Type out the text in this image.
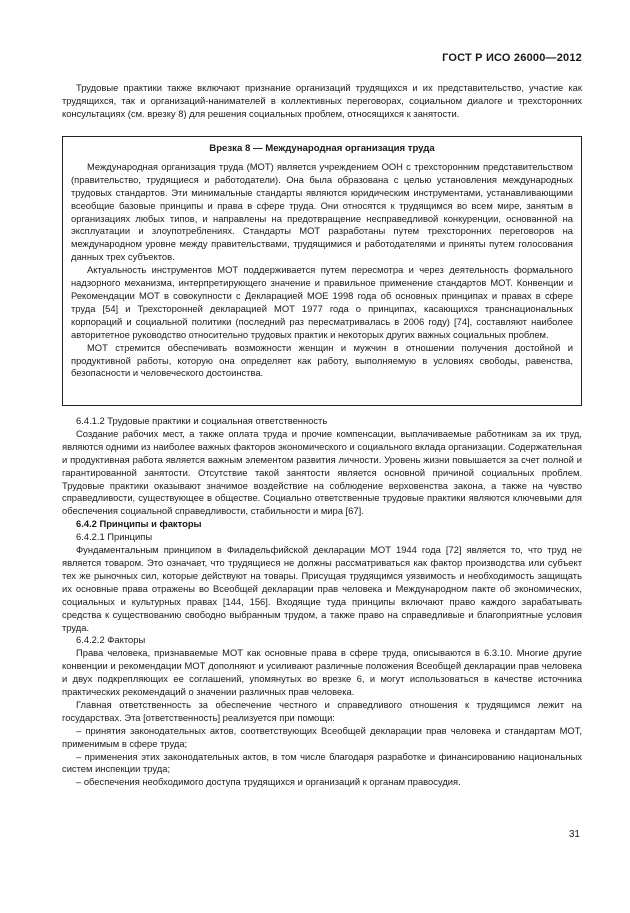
ГОСТ Р ИСО 26000—2012

Трудовые практики также включают признание организаций трудящихся и их представительство, участие как трудящихся, так и организаций-нанимателей в коллективных переговорах, социальном диалоге и трехсторонних консультациях (см. врезку 8) для решения социальных проблем, относящихся к занятости.

Врезка 8 — Международная организация труда

Международная организация труда (МОТ) является учреждением ООН с трехсторонним представительством (правительство, трудящиеся и работодатели). Она была образована с целью установления международных трудовых стандартов. Эти минимальные стандарты являются юридическим инструментами, устанавливающими всеобщие базовые принципы и права в сфере труда. Они относятся к трудящимся во всем мире, занятым в организациях любых типов, и направлены на предотвращение несправедливой конкуренции, основанной на эксплуатации и злоупотреблениях. Стандарты МОТ разработаны путем трехсторонних переговоров на международном уровне между правительствами, трудящимися и работодателями и приняты путем голосования данных трех субъектов.

Актуальность инструментов МОТ поддерживается путем пересмотра и через деятельность формального надзорного механизма, интерпретирующего значение и правильное применение стандартов МОТ. Конвенции и Рекомендации МОТ в совокупности с Декларацией МОЕ 1998 года об основных принципах и правах в сфере труда [54] и Трехсторонней декларацией МОТ 1977 года о принципах, касающихся транснациональных корпораций и социальной политики (последний раз пересматривалась в 2006 году) [74], составляют наиболее авторитетное руководство относительно трудовых практик и некоторых других важных социальных проблем.

МОТ стремится обеспечивать возможности женщин и мужчин в отношении получения достойной и продуктивной работы, которую она определяет как работу, выполняемую в условиях свободы, равенства, безопасности и человеческого достоинства.

6.4.1.2 Трудовые практики и социальная ответственность

Создание рабочих мест, а также оплата труда и прочие компенсации, выплачиваемые работникам за их труд, являются одними из наиболее важных факторов экономического и социального вклада организации. Содержательная и продуктивная работа является важным элементом развития личности. Уровень жизни повышается за счет полной и гарантированной занятости. Отсутствие такой занятости является основной причиной социальных проблем. Трудовые практики оказывают значимое воздействие на соблюдение верховенства закона, а также на чувство справедливости, существующее в обществе. Социально ответственные трудовые практики являются ключевыми для обеспечения социальной справедливости, стабильности и мира [67].

6.4.2 Принципы и факторы

6.4.2.1 Принципы

Фундаментальным принципом в Филадельфийской декларации МОТ 1944 года [72] является то, что труд не является товаром. Это означает, что трудящиеся не должны рассматриваться как фактор производства или субъект тех же рыночных сил, которые действуют на товары. Присущая трудящимся уязвимость и необходимость защищать их основные права отражены во Всеобщей декларации прав человека и Международном пакте об экономических, социальных и культурных правах [144, 156]. Входящие туда принципы включают право каждого зарабатывать средства к существованию свободно выбранным трудом, а также право на справедливые и благоприятные условия труда.

6.4.2.2 Факторы

Права человека, признаваемые МОТ как основные права в сфере труда, описываются в 6.3.10. Многие другие конвенции и рекомендации МОТ дополняют и усиливают различные положения Всеобщей декларации прав человека и двух подкрепляющих ее соглашений, упомянутых во врезке 6, и могут использоваться в качестве источника практических рекомендаций о значении различных прав человека.

Главная ответственность за обеспечение честного и справедливого отношения к трудящимся лежит на государствах. Эта [ответственность] реализуется при помощи:

– принятия законодательных актов, соответствующих Всеобщей декларации прав человека и стандартам МОТ, применимым в сфере труда;

– применения этих законодательных актов, в том числе благодаря разработке и финансированию национальных систем инспекции труда;

– обеспечения необходимого доступа трудящихся и организаций к органам правосудия.

31
